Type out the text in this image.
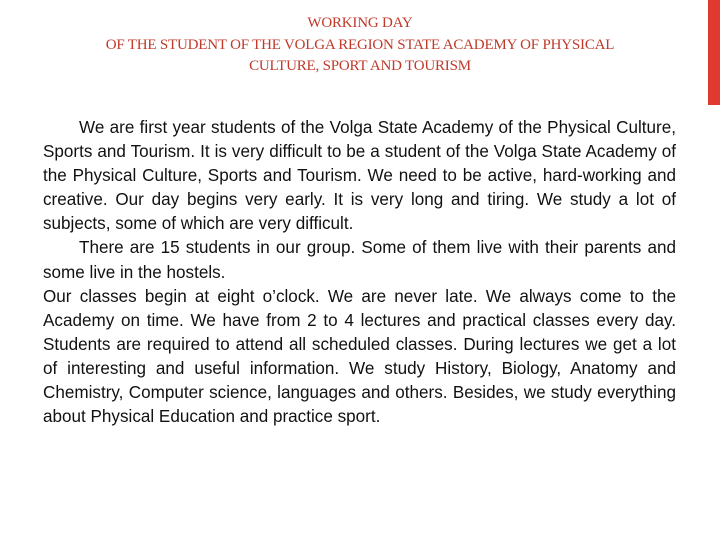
WORKING DAY
OF THE STUDENT OF THE VOLGA REGION STATE ACADEMY OF PHYSICAL
CULTURE, SPORT AND TOURISM

We are first year students of the Volga State Academy of the Physical Culture, Sports and Tourism. It is very difficult to be a student of the Volga State Academy of the Physical Culture, Sports and Tourism. We need to be active, hard-working and creative. Our day begins very early. It is very long and tiring. We study a lot of subjects, some of which are very difficult.

There are 15 students in our group. Some of them live with their parents and some live in the hostels.

Our classes begin at eight o’clock. We are never late. We always come to the Academy on time. We have from 2 to 4 lectures and practical classes every day. Students are required to attend all scheduled classes. During lectures we get a lot of interesting and useful information. We study History, Biology, Anatomy and Chemistry, Computer science, languages and others. Besides, we study everything about Physical Education and practice sport.
